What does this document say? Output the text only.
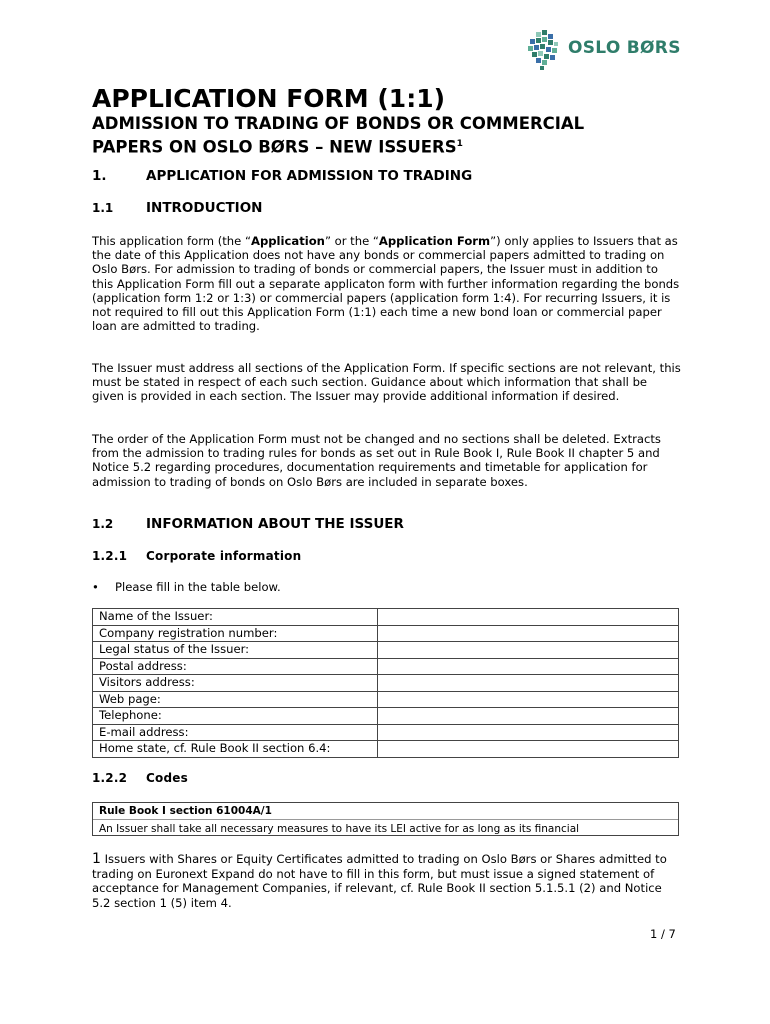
OSLO BØRS
APPLICATION FORM (1:1)
ADMISSION TO TRADING OF BONDS OR COMMERCIAL
PAPERS ON OSLO BØRS – NEW ISSUERS$^1$
1.	APPLICATION FOR ADMISSION TO TRADING
1.1 INTRODUCTION

This application form (the “Application” or the “Application Form”) only applies to Issuers that as the date of this Application does not have any bonds or commercial papers admitted to trading on Oslo Børs. For admission to trading of bonds or commercial papers, the Issuer must in addition to this Application Form fill out a separate applicaton form with further information regarding the bonds (application form 1:2 or 1:3) or commercial papers (application form 1:4). For recurring Issuers, it is not required to fill out this Application Form (1:1) each time a new bond loan or commercial paper loan are admitted to trading.

The Issuer must address all sections of the Application Form. If specific sections are not relevant, this must be stated in respect of each such section. Guidance about which information that shall be given is provided in each section. The Issuer may provide additional information if desired.

The order of the Application Form must not be changed and no sections shall be deleted. Extracts from the admission to trading rules for bonds as set out in Rule Book I, Rule Book II chapter 5 and Notice 5.2 regarding procedures, documentation requirements and timetable for application for admission to trading of bonds on Oslo Børs are included in separate boxes.

1.2 INFORMATION ABOUT THE ISSUER
1.2.1 Corporate information
• Please fill in the table below.
Name of the Issuer:	
Company registration number:	
Legal status of the Issuer:	
Postal address:	
Visitors address:	
Web page:	
Telephone:	
E-mail address:	
Home state, cf. Rule Book II section 6.4:	
1.2.2 Codes
Rule Book I section 61004A/1
An Issuer shall take all necessary measures to have its LEI active for as long as its financial

1 Issuers with Shares or Equity Certificates admitted to trading on Oslo Børs or Shares admitted to trading on Euronext Expand do not have to fill in this form, but must issue a signed statement of acceptance for Management Companies, if relevant, cf. Rule Book II section 5.1.5.1 (2) and Notice 5.2 section 1 (5) item 4.

1 / 7
